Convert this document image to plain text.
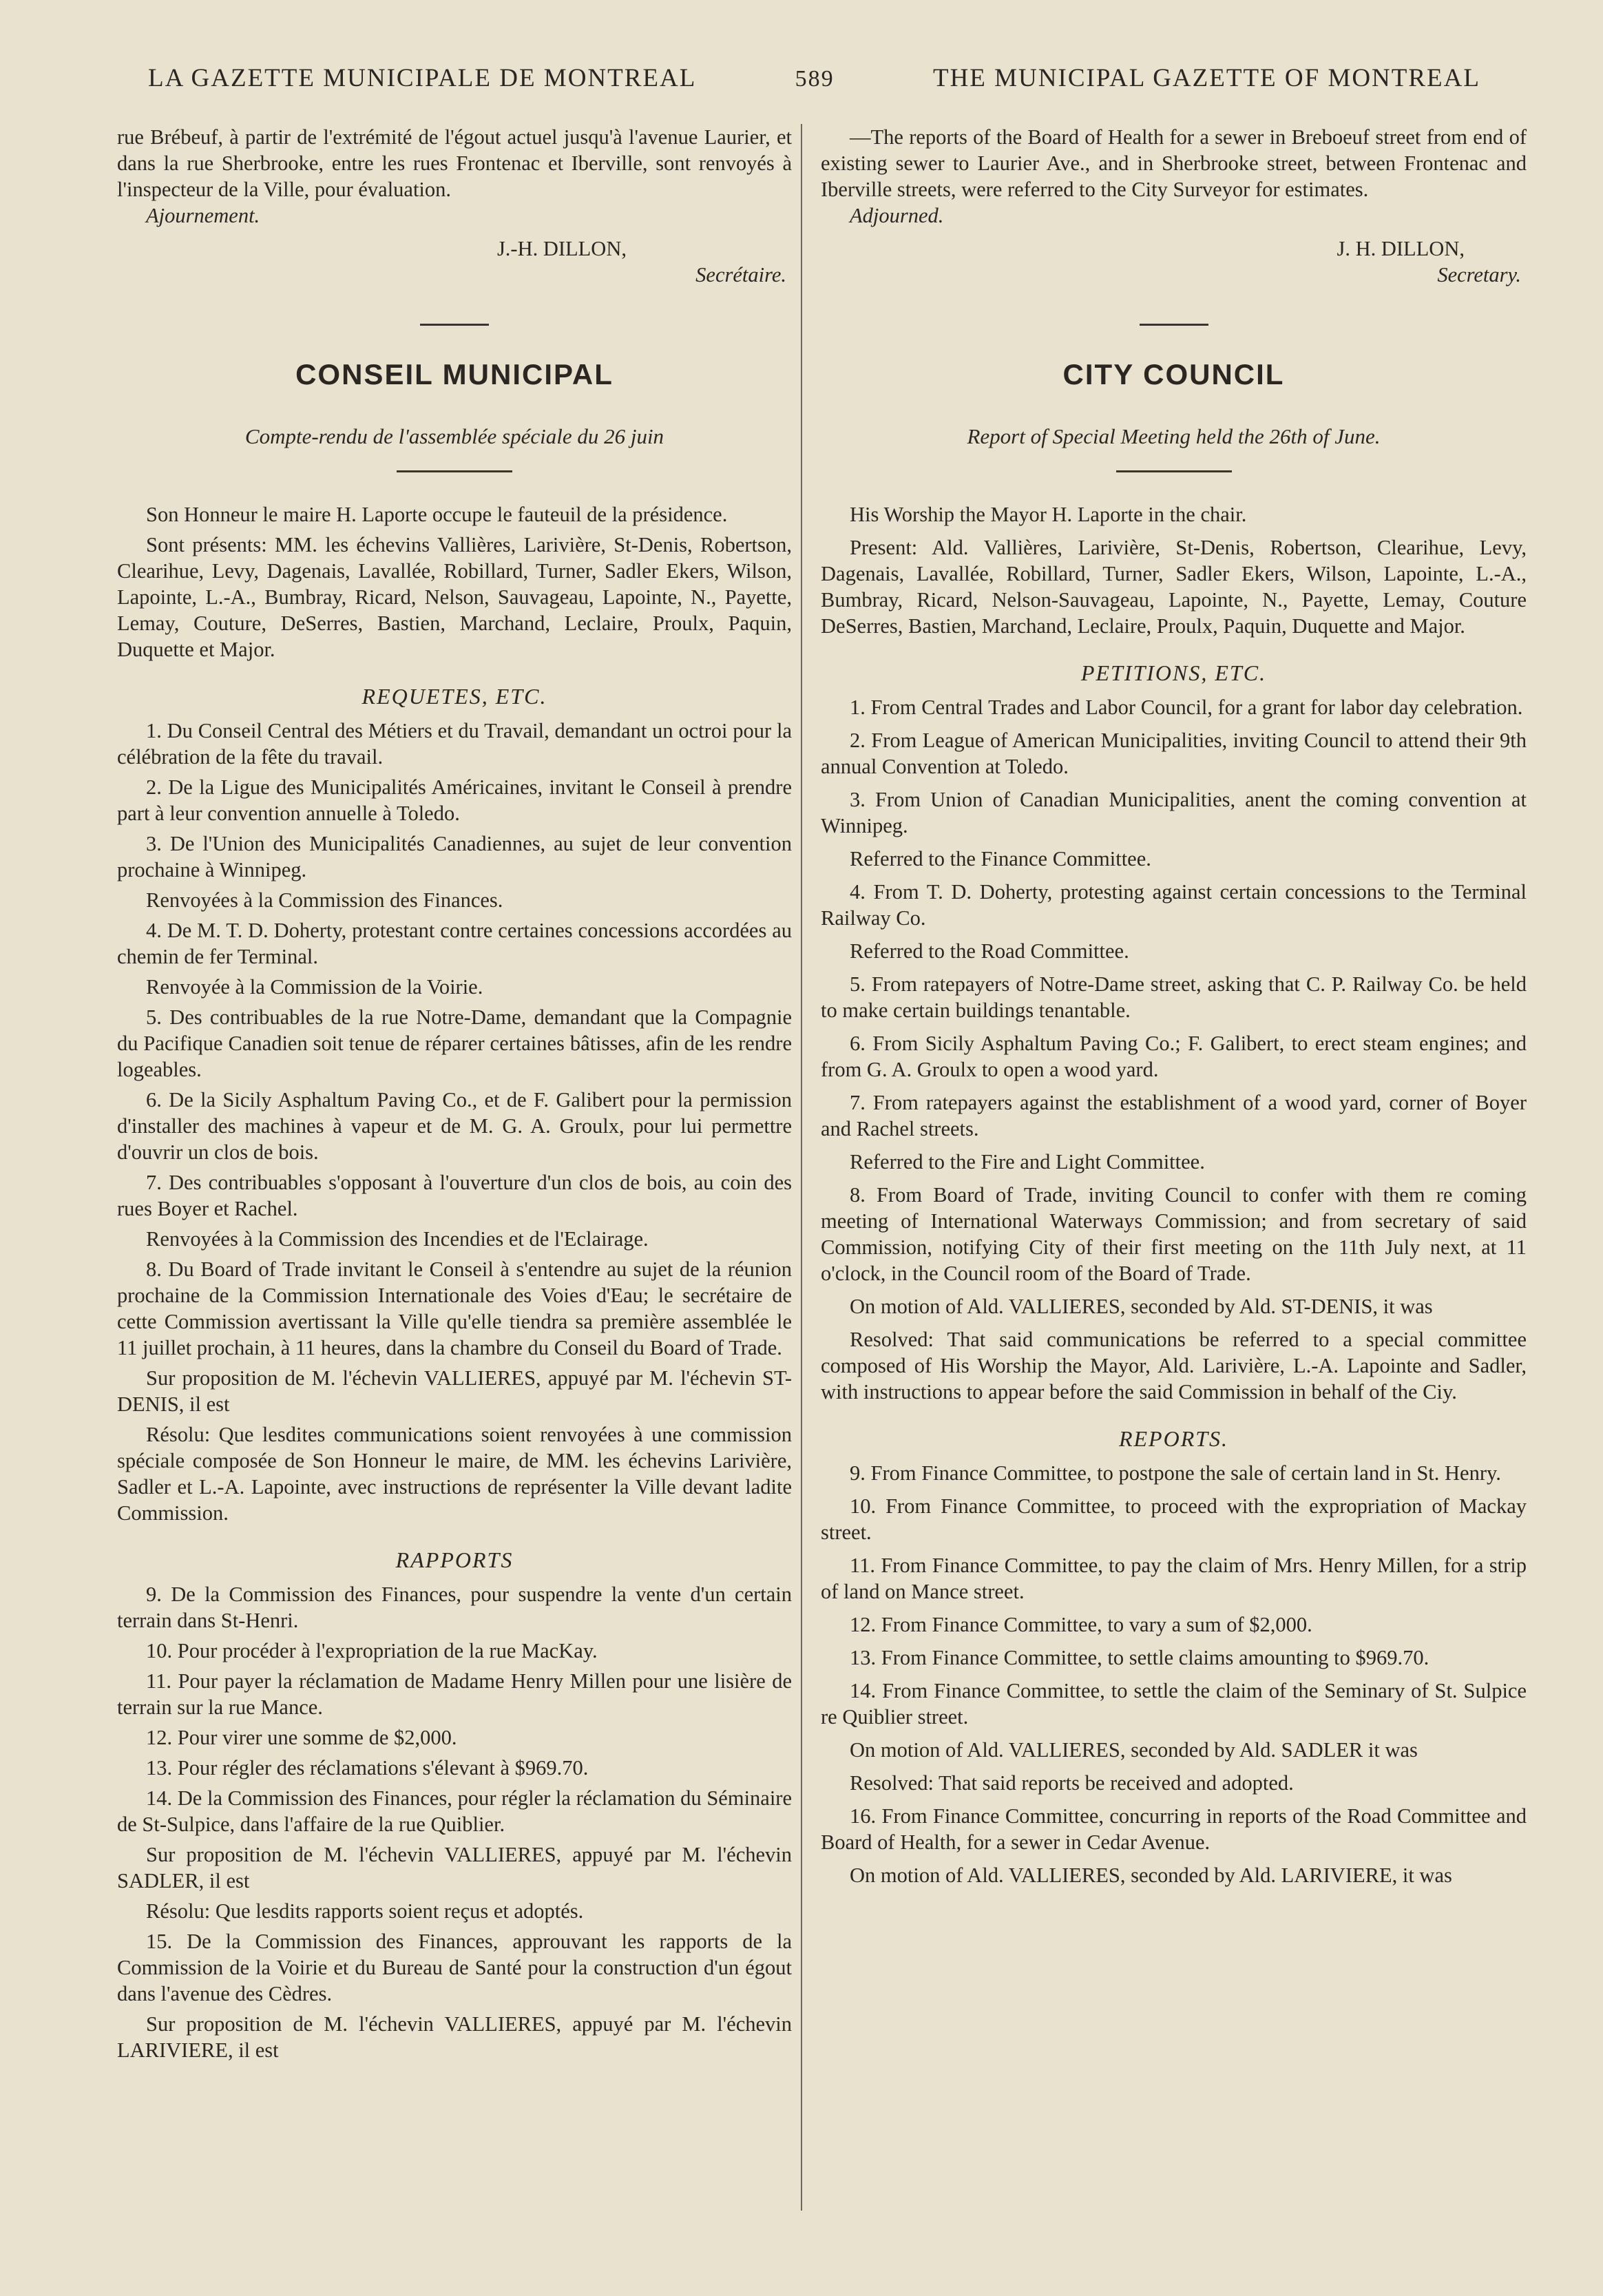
LA GAZETTE MUNICIPALE DE MONTREAL	589	THE MUNICIPAL GAZETTE OF MONTREAL

rue Brébeuf, à partir de l'extrémité de l'égout actuel jusqu'à l'avenue Laurier, et dans la rue Sherbrooke, entre les rues Frontenac et Iberville, sont renvoyés à l'inspecteur de la Ville, pour évaluation.

Ajournement.

J.-H. DILLON,

Secrétaire.

CONSEIL MUNICIPAL

Compte-rendu de l'assemblée spéciale du 26 juin

Son Honneur le maire H. Laporte occupe le fauteuil de la présidence.

Sont présents: MM. les échevins Vallières, Larivière, St-Denis, Robertson, Clearihue, Levy, Dagenais, Lavallée, Robillard, Turner, Sadler Ekers, Wilson, Lapointe, L.-A., Bumbray, Ricard, Nelson, Sauvageau, Lapointe, N., Payette, Lemay, Couture, DeSerres, Bastien, Marchand, Leclaire, Proulx, Paquin, Duquette et Major.

REQUETES, ETC.

1. Du Conseil Central des Métiers et du Travail, demandant un octroi pour la célébration de la fête du travail.

2. De la Ligue des Municipalités Américaines, invitant le Conseil à prendre part à leur convention annuelle à Toledo.

3. De l'Union des Municipalités Canadiennes, au sujet de leur convention prochaine à Winnipeg.

Renvoyées à la Commission des Finances.

4. De M. T. D. Doherty, protestant contre certaines concessions accordées au chemin de fer Terminal.

Renvoyée à la Commission de la Voirie.

5. Des contribuables de la rue Notre-Dame, demandant que la Compagnie du Pacifique Canadien soit tenue de réparer certaines bâtisses, afin de les rendre logeables.

6. De la Sicily Asphaltum Paving Co., et de F. Galibert pour la permission d'installer des machines à vapeur et de M. G. A. Groulx, pour lui permettre d'ouvrir un clos de bois.

7. Des contribuables s'opposant à l'ouverture d'un clos de bois, au coin des rues Boyer et Rachel.

Renvoyées à la Commission des Incendies et de l'Eclairage.

8. Du Board of Trade invitant le Conseil à s'entendre au sujet de la réunion prochaine de la Commission Internationale des Voies d'Eau; le secrétaire de cette Commission avertissant la Ville qu'elle tiendra sa première assemblée le 11 juillet prochain, à 11 heures, dans la chambre du Conseil du Board of Trade.

Sur proposition de M. l'échevin VALLIERES, appuyé par M. l'échevin ST-DENIS, il est

Résolu: Que lesdites communications soient renvoyées à une commission spéciale composée de Son Honneur le maire, de MM. les échevins Larivière, Sadler et L.-A. Lapointe, avec instructions de représenter la Ville devant ladite Commission.

RAPPORTS

9. De la Commission des Finances, pour suspendre la vente d'un certain terrain dans St-Henri.

10. Pour procéder à l'expropriation de la rue MacKay.

11. Pour payer la réclamation de Madame Henry Millen pour une lisière de terrain sur la rue Mance.

12. Pour virer une somme de $2,000.

13. Pour régler des réclamations s'élevant à $969.70.

14. De la Commission des Finances, pour régler la réclamation du Séminaire de St-Sulpice, dans l'affaire de la rue Quiblier.

Sur proposition de M. l'échevin VALLIERES, appuyé par M. l'échevin SADLER, il est

Résolu: Que lesdits rapports soient reçus et adoptés.

15. De la Commission des Finances, approuvant les rapports de la Commission de la Voirie et du Bureau de Santé pour la construction d'un égout dans l'avenue des Cèdres.

Sur proposition de M. l'échevin VALLIERES, appuyé par M. l'échevin LARIVIERE, il est

—The reports of the Board of Health for a sewer in Breboeuf street from end of existing sewer to Laurier Ave., and in Sherbrooke street, between Frontenac and Iberville streets, were referred to the City Surveyor for estimates.

Adjourned.

J. H. DILLON,

Secretary.

CITY COUNCIL

Report of Special Meeting held the 26th of June.

His Worship the Mayor H. Laporte in the chair.

Present: Ald. Vallières, Larivière, St-Denis, Robertson, Clearihue, Levy, Dagenais, Lavallée, Robillard, Turner, Sadler Ekers, Wilson, Lapointe, L.-A., Bumbray, Ricard, Nelson-Sauvageau, Lapointe, N., Payette, Lemay, Couture DeSerres, Bastien, Marchand, Leclaire, Proulx, Paquin, Duquette and Major.

PETITIONS, ETC.

1. From Central Trades and Labor Council, for a grant for labor day celebration.

2. From League of American Municipalities, inviting Council to attend their 9th annual Convention at Toledo.

3. From Union of Canadian Municipalities, anent the coming convention at Winnipeg.

Referred to the Finance Committee.

4. From T. D. Doherty, protesting against certain concessions to the Terminal Railway Co.

Referred to the Road Committee.

5. From ratepayers of Notre-Dame street, asking that C. P. Railway Co. be held to make certain buildings tenantable.

6. From Sicily Asphaltum Paving Co.; F. Galibert, to erect steam engines; and from G. A. Groulx to open a wood yard.

7. From ratepayers against the establishment of a wood yard, corner of Boyer and Rachel streets.

Referred to the Fire and Light Committee.

8. From Board of Trade, inviting Council to confer with them re coming meeting of International Waterways Commission; and from secretary of said Commission, notifying City of their first meeting on the 11th July next, at 11 o'clock, in the Council room of the Board of Trade.

On motion of Ald. VALLIERES, seconded by Ald. ST-DENIS, it was

Resolved: That said communications be referred to a special committee composed of His Worship the Mayor, Ald. Larivière, L.-A. Lapointe and Sadler, with instructions to appear before the said Commission in behalf of the Ciy.

REPORTS.

9. From Finance Committee, to postpone the sale of certain land in St. Henry.

10. From Finance Committee, to proceed with the expropriation of Mackay street.

11. From Finance Committee, to pay the claim of Mrs. Henry Millen, for a strip of land on Mance street.

12. From Finance Committee, to vary a sum of $2,000.

13. From Finance Committee, to settle claims amounting to $969.70.

14. From Finance Committee, to settle the claim of the Seminary of St. Sulpice re Quiblier street.

On motion of Ald. VALLIERES, seconded by Ald. SADLER it was

Resolved: That said reports be received and adopted.

16. From Finance Committee, concurring in reports of the Road Committee and Board of Health, for a sewer in Cedar Avenue.

On motion of Ald. VALLIERES, seconded by Ald. LARIVIERE, it was
